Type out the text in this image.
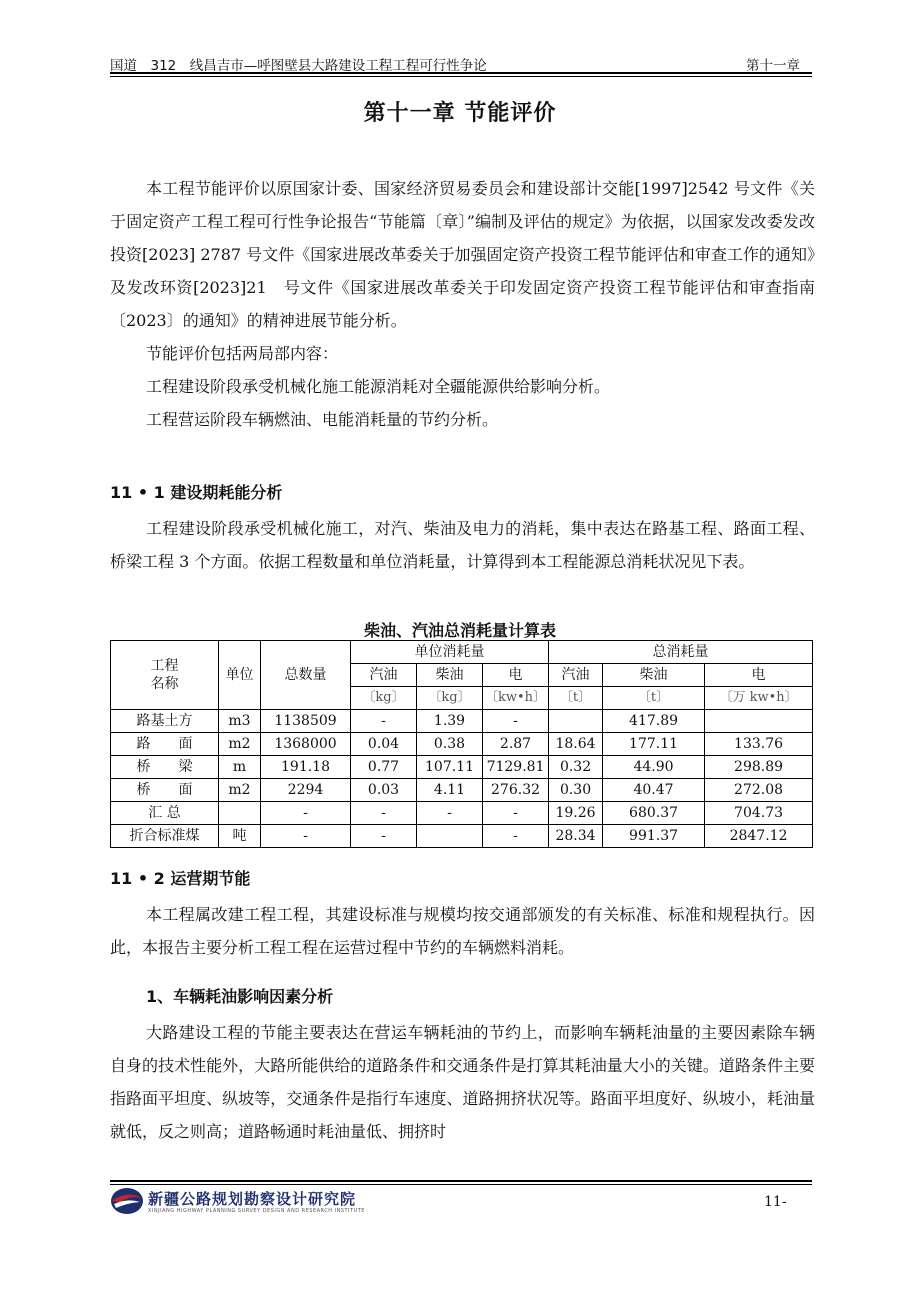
国道　312　线昌吉市—呼图壁县大路建设工程工程可行性争论	第十一章
第十一章 节能评价

本工程节能评价以原国家计委、国家经济贸易委员会和建设部计交能[1997]2542 号文件《关于固定资产工程工程可行性争论报告“节能篇〔章〕”编制及评估的规定》为依据，以国家发改委发改投资[2023] 2787 号文件《国家进展改革委关于加强固定资产投资工程节能评估和审查工作的通知》及发改环资[2023]21　号文件《国家进展改革委关于印发固定资产投资工程节能评估和审查指南〔2023〕的通知》的精神进展节能分析。

节能评价包括两局部内容：

工程建设阶段承受机械化施工能源消耗对全疆能源供给影响分析。

工程营运阶段车辆燃油、电能消耗量的节约分析。

11 • 1 建设期耗能分析

工程建设阶段承受机械化施工，对汽、柴油及电力的消耗，集中表达在路基工程、路面工程、桥梁工程 3 个方面。依据工程数量和单位消耗量，计算得到本工程能源总消耗状况见下表。

柴油、汽油总消耗量计算表
工程
名称	单位	总数量	单位消耗量			总消耗量		
			汽油	柴油	电	汽油	柴油	电
			〔kg〕	〔kg〕	〔kw•h〕	〔t〕	〔t〕	〔万 kw•h〕
路基土方	m3	1138509	-	1.39	-		417.89	
路　　面	m2	1368000	0.04	0.38	2.87	18.64	177.11	133.76
桥　　梁	m	191.18	0.77	107.11	7129.81	0.32	44.90	298.89
桥　　面	m2	2294	0.03	4.11	276.32	0.30	40.47	272.08
汇 总		-	-	-	-	19.26	680.37	704.73
折合标准煤	吨	-	-		-	28.34	991.37	2847.12
11 • 2 运营期节能

本工程属改建工程工程，其建设标准与规模均按交通部颁发的有关标准、标准和规程执行。因此，本报告主要分析工程工程在运营过程中节约的车辆燃料消耗。

1、车辆耗油影响因素分析

大路建设工程的节能主要表达在营运车辆耗油的节约上，而影响车辆耗油量的主要因素除车辆自身的技术性能外，大路所能供给的道路条件和交通条件是打算其耗油量大小的关键。道路条件主要指路面平坦度、纵坡等，交通条件是指行车速度、道路拥挤状况等。路面平坦度好、纵坡小，耗油量就低，反之则高；道路畅通时耗油量低、拥挤时

新疆公路规划勘察设计研究院
XINJIANG HIGHWAY PLANNING SURVEY DESIGN AND RESEARCH INSTITUTE
11-
